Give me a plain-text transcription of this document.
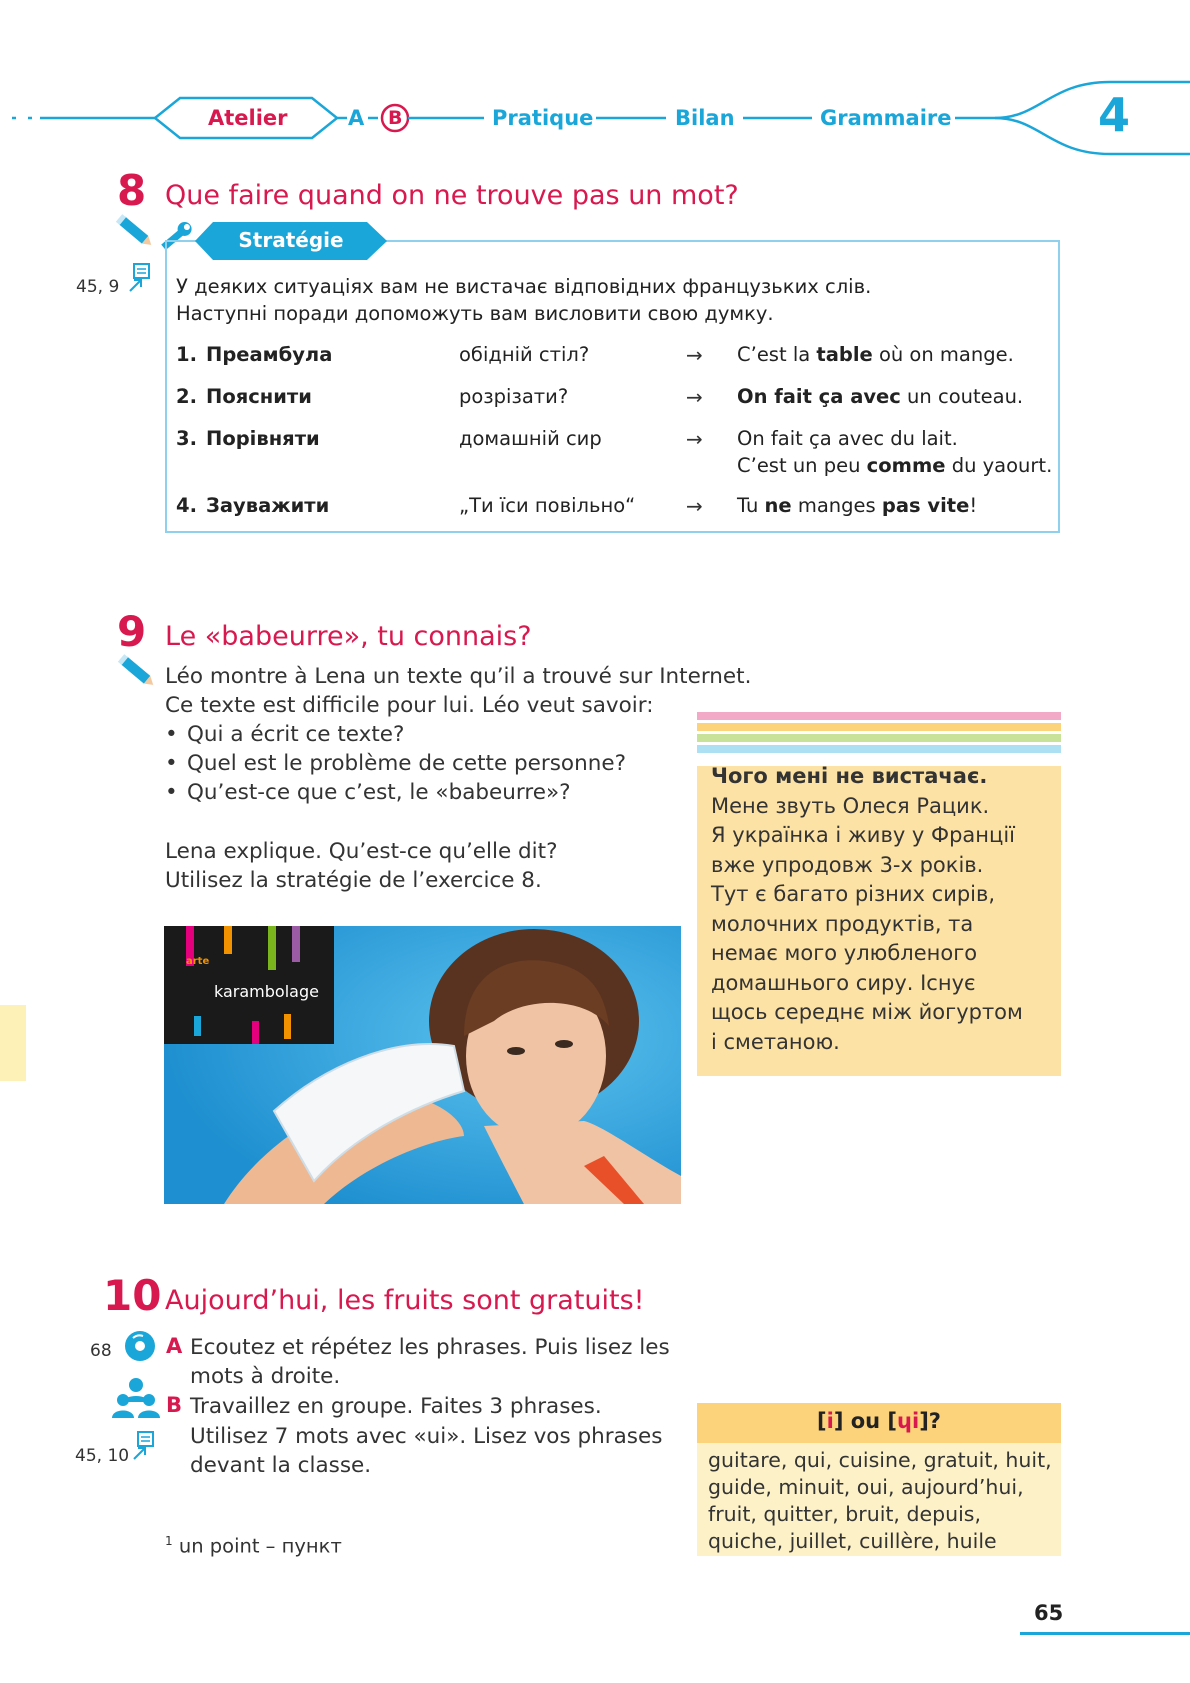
Atelier	A B	Pratique	Bilan	Grammaire	4
8 Que faire quand on ne trouve pas un mot?
Stratégie
45, 9	У деяких ситуаціях вам не вистачає відповідних французьких слів.
Наступні поради допоможуть вам висловити свою думку.
1. Преамбула	обідній стіл?	→ C’est la table où on mange.
2. Пояснити	розрізати?	→ On fait ça avec un couteau.
3. Порівняти	домашній сир	→ On fait ça avec du lait.
C’est un peu comme du yaourt.
4. Зауважити	„Ти їси повільно“	→ Tu ne manges pas vite!
9 Le «babeurre», tu connais?
Léo montre à Lena un texte qu’il a trouvé sur Internet.
Ce texte est difficile pour lui. Léo veut savoir:
• Qui a écrit ce texte?
• Quel est le problème de cette personne?
• Qu’est-ce que c’est, le «babeurre»?
Lena explique. Qu’est-ce qu’elle dit?
Utilisez la stratégie de l’exercice 8.
arte
karambolage
Чого мені не вистачає.
Мене звуть Олеся Рацик.
Я українка і живу у Франції
вже упродовж 3-х років.
Тут є багато різних сирів,
молочних продуктів, та
немає мого улюбленого
домашнього сиру. Існує
щось середнє між йогуртом
і сметаною.
10 Aujourd’hui, les fruits sont gratuits!
68
45, 10
A Ecoutez et répétez les phrases. Puis lisez les
mots à droite.
B Travaillez en groupe. Faites 3 phrases.
Utilisez 7 mots avec «ui». Lisez vos phrases
devant la classe.
[i] ou [ɥi]?
guitare, qui, cuisine, gratuit, huit,
guide, minuit, oui, aujourd’hui,
fruit, quitter, bruit, depuis,
quiche, juillet, cuillère, huile
$^1$ un point – пункт
65
